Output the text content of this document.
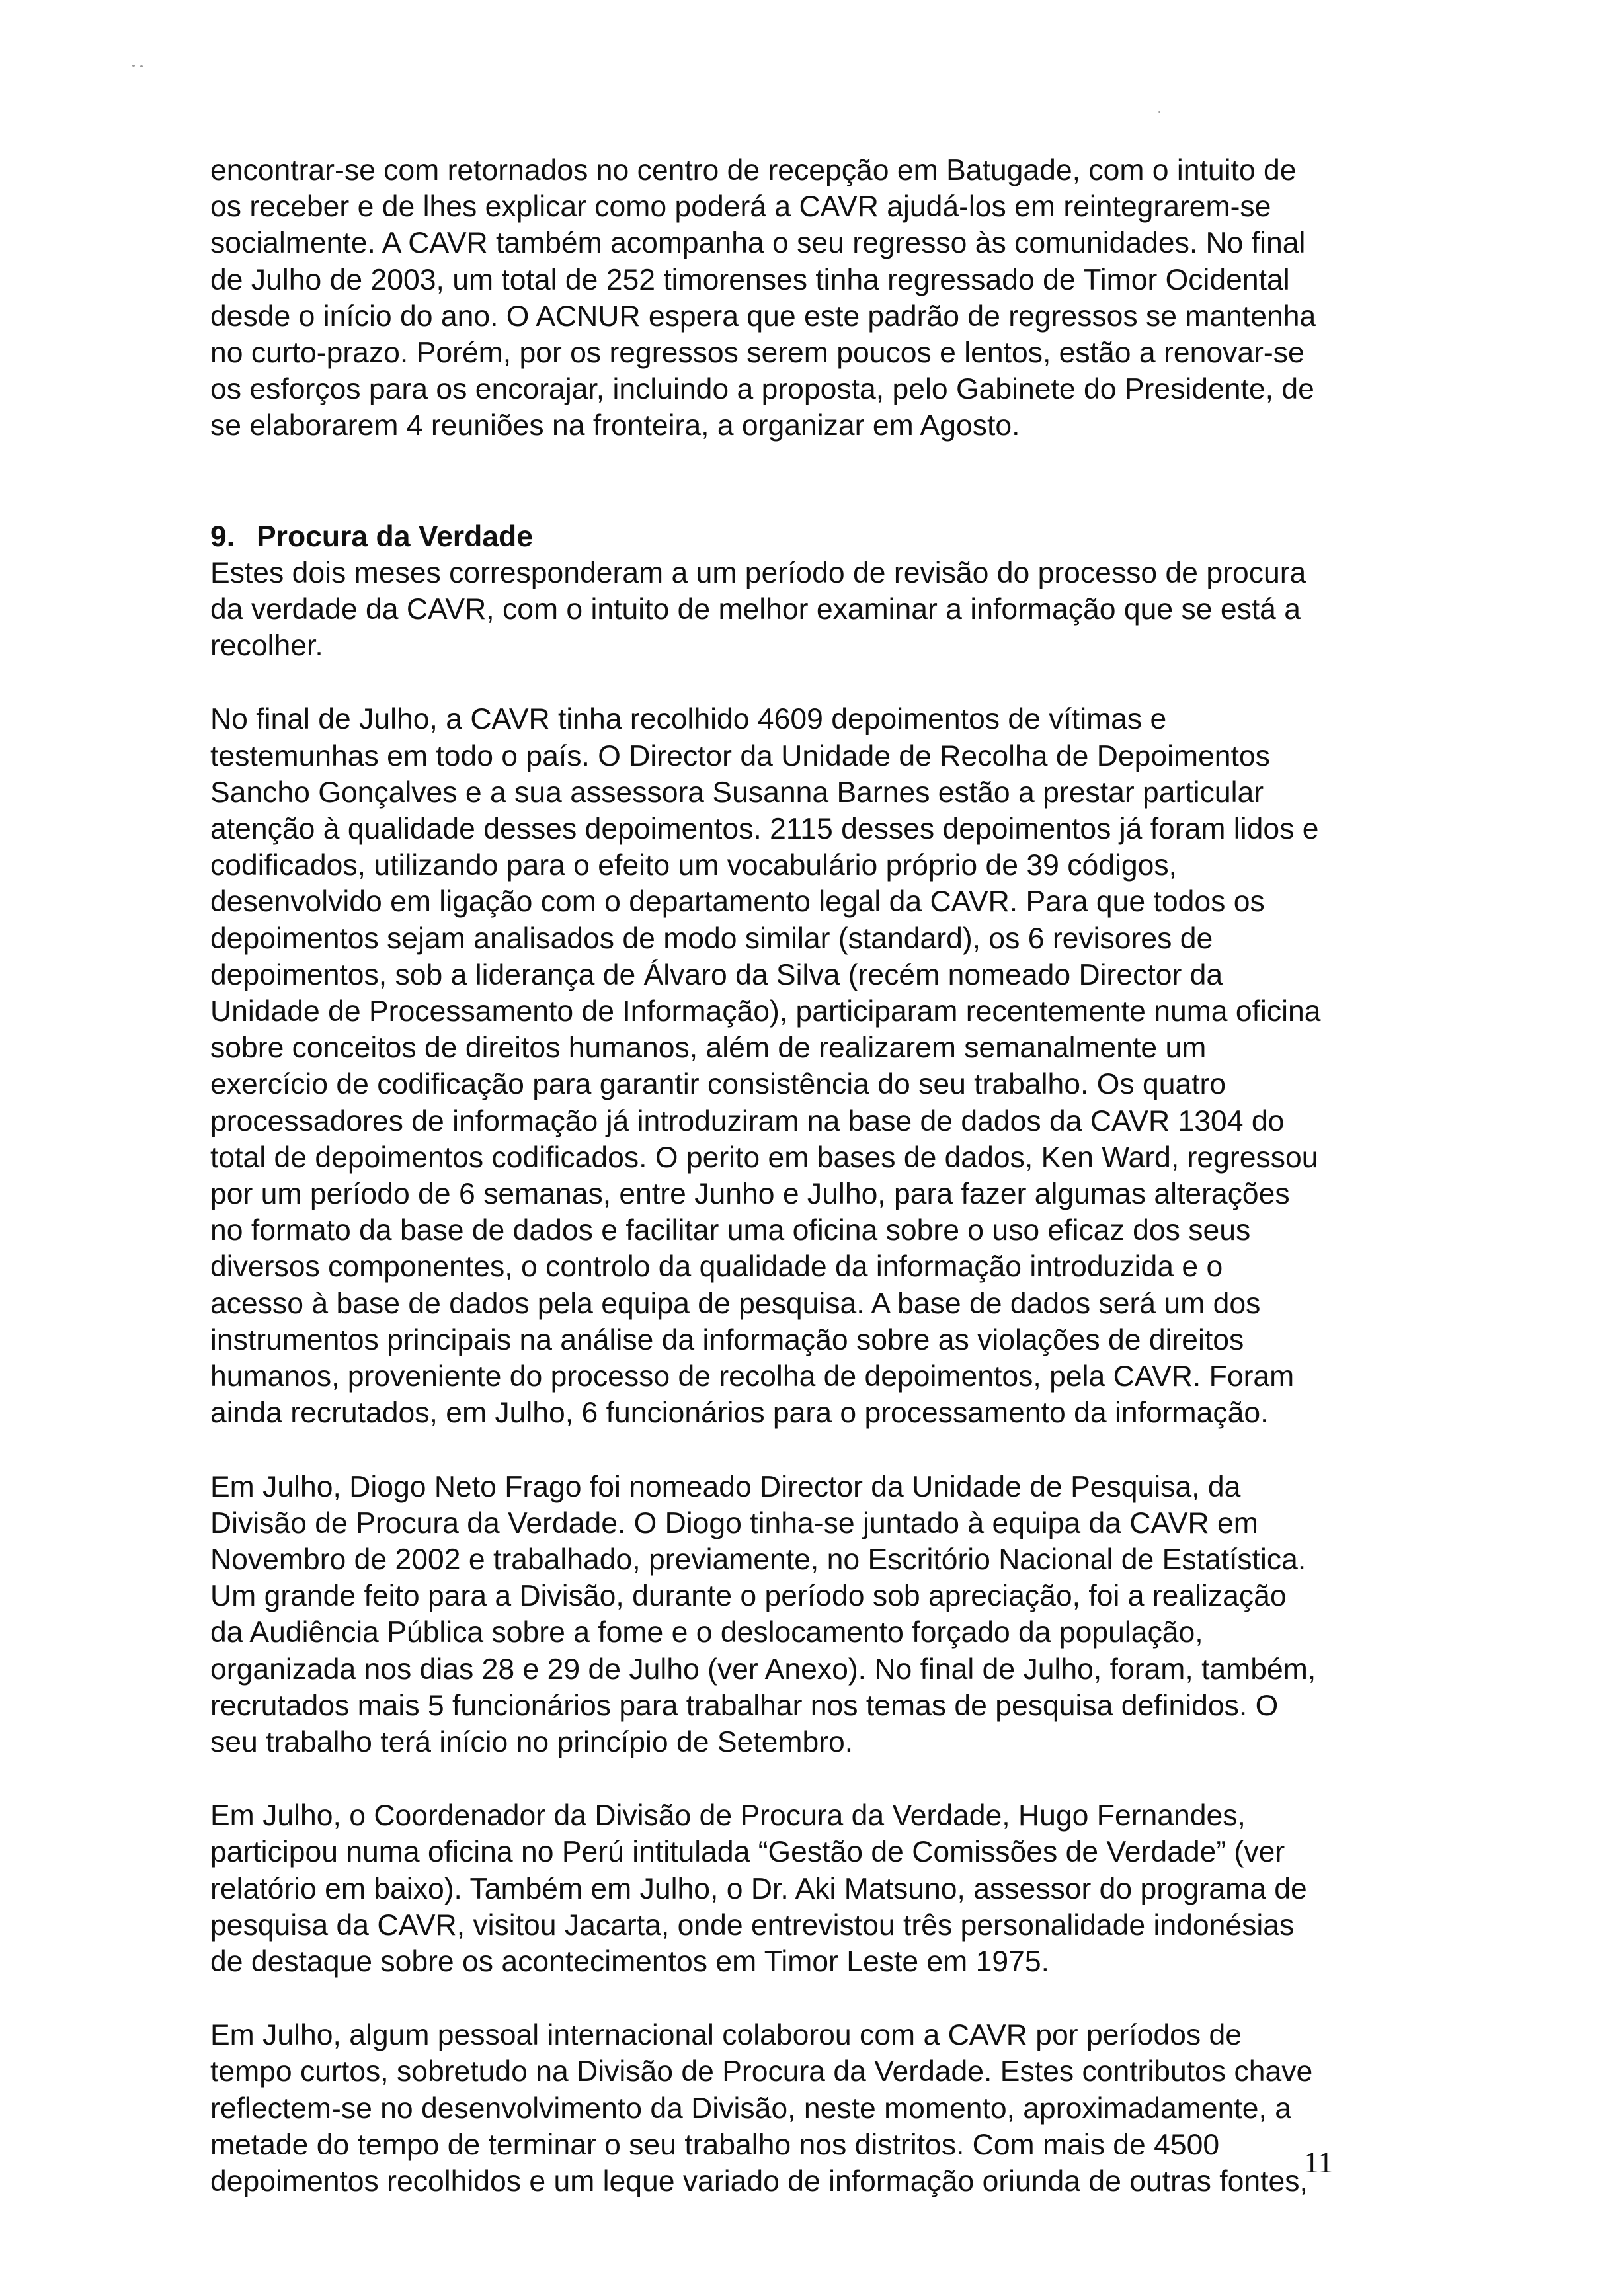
encontrar-se com retornados no centro de recepção em Batugade, com o intuito de
os receber e de lhes explicar como poderá a CAVR ajudá-los em reintegrarem-se
socialmente. A CAVR também acompanha o seu regresso às comunidades. No final
de Julho de 2003, um total de 252 timorenses tinha regressado de Timor Ocidental
desde o início do ano. O ACNUR espera que este padrão de regressos se mantenha
no curto-prazo. Porém, por os regressos serem poucos e lentos, estão a renovar-se
os esforços para os encorajar, incluindo a proposta, pelo Gabinete do Presidente, de
se elaborarem 4 reuniões na fronteira, a organizar em Agosto.

9. Procura da Verdade

Estes dois meses corresponderam a um período de revisão do processo de procura
da verdade da CAVR, com o intuito de melhor examinar a informação que se está a
recolher.

No final de Julho, a CAVR tinha recolhido 4609 depoimentos de vítimas e
testemunhas em todo o país. O Director da Unidade de Recolha de Depoimentos
Sancho Gonçalves e a sua assessora Susanna Barnes estão a prestar particular
atenção à qualidade desses depoimentos. 2115 desses depoimentos já foram lidos e
codificados, utilizando para o efeito um vocabulário próprio de 39 códigos,
desenvolvido em ligação com o departamento legal da CAVR. Para que todos os
depoimentos sejam analisados de modo similar (standard), os 6 revisores de
depoimentos, sob a liderança de Álvaro da Silva (recém nomeado Director da
Unidade de Processamento de Informação), participaram recentemente numa oficina
sobre conceitos de direitos humanos, além de realizarem semanalmente um
exercício de codificação para garantir consistência do seu trabalho. Os quatro
processadores de informação já introduziram na base de dados da CAVR 1304 do
total de depoimentos codificados. O perito em bases de dados, Ken Ward, regressou
por um período de 6 semanas, entre Junho e Julho, para fazer algumas alterações
no formato da base de dados e facilitar uma oficina sobre o uso eficaz dos seus
diversos componentes, o controlo da qualidade da informação introduzida e o
acesso à base de dados pela equipa de pesquisa. A base de dados será um dos
instrumentos principais na análise da informação sobre as violações de direitos
humanos, proveniente do processo de recolha de depoimentos, pela CAVR. Foram
ainda recrutados, em Julho, 6 funcionários para o processamento da informação.

Em Julho, Diogo Neto Frago foi nomeado Director da Unidade de Pesquisa, da
Divisão de Procura da Verdade. O Diogo tinha-se juntado à equipa da CAVR em
Novembro de 2002 e trabalhado, previamente, no Escritório Nacional de Estatística.
Um grande feito para a Divisão, durante o período sob apreciação, foi a realização
da Audiência Pública sobre a fome e o deslocamento forçado da população,
organizada nos dias 28 e 29 de Julho (ver Anexo). No final de Julho, foram, também,
recrutados mais 5 funcionários para trabalhar nos temas de pesquisa definidos. O
seu trabalho terá início no princípio de Setembro.

Em Julho, o Coordenador da Divisão de Procura da Verdade, Hugo Fernandes,
participou numa oficina no Perú intitulada “Gestão de Comissões de Verdade” (ver
relatório em baixo). Também em Julho, o Dr. Aki Matsuno, assessor do programa de
pesquisa da CAVR, visitou Jacarta, onde entrevistou três personalidade indonésias
de destaque sobre os acontecimentos em Timor Leste em 1975.

Em Julho, algum pessoal internacional colaborou com a CAVR por períodos de
tempo curtos, sobretudo na Divisão de Procura da Verdade. Estes contributos chave
reflectem-se no desenvolvimento da Divisão, neste momento, aproximadamente, a
metade do tempo de terminar o seu trabalho nos distritos. Com mais de 4500
depoimentos recolhidos e um leque variado de informação oriunda de outras fontes,

11
